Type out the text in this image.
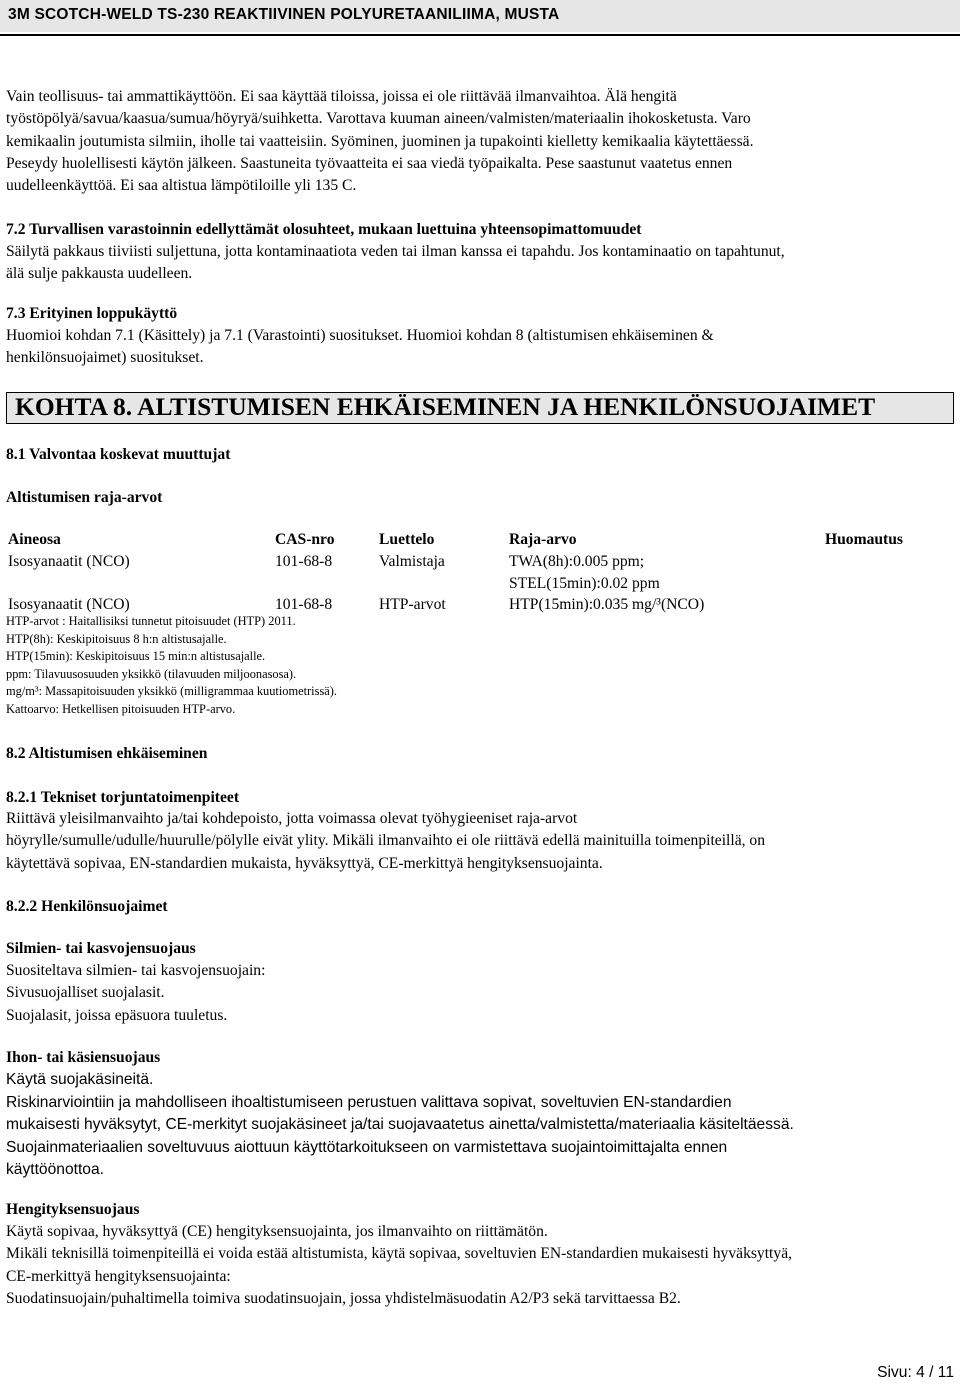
3M SCOTCH-WELD TS-230 REAKTIIVINEN POLYURETAANILIIMA, MUSTA

Vain teollisuus- tai ammattikäyttöön. Ei saa käyttää tiloissa, joissa ei ole riittävää ilmanvaihtoa. Älä hengitä
työstöpölyä/savua/kaasua/sumua/höyryä/suihketta. Varottava kuuman aineen/valmisten/materiaalin ihokosketusta. Varo
kemikaalin joutumista silmiin, iholle tai vaatteisiin. Syöminen, juominen ja tupakointi kielletty kemikaalia käytettäessä.
Peseydy huolellisesti käytön jälkeen. Saastuneita työvaatteita ei saa viedä työpaikalta. Pese saastunut vaatetus ennen
uudelleenkäyttöä. Ei saa altistua lämpötiloille yli 135 C.

7.2 Turvallisen varastoinnin edellyttämät olosuhteet, mukaan luettuina yhteensopimattomuudet

Säilytä pakkaus tiiviisti suljettuna, jotta kontaminaatiota veden tai ilman kanssa ei tapahdu. Jos kontaminaatio on tapahtunut,
älä sulje pakkausta uudelleen.

7.3 Erityinen loppukäyttö

Huomioi kohdan 7.1 (Käsittely) ja 7.1 (Varastointi) suositukset. Huomioi kohdan 8 (altistumisen ehkäiseminen &
henkilönsuojaimet) suositukset.

KOHTA 8. ALTISTUMISEN EHKÄISEMINEN JA HENKILÖNSUOJAIMET

8.1 Valvontaa koskevat muuttujat

Altistumisen raja-arvot

Aineosa	CAS-nro	Luettelo	Raja-arvo	Huomautus
Isosyanaatit (NCO)	101-68-8	Valmistaja	TWA(8h):0.005 ppm;
STEL(15min):0.02 ppm
Isosyanaatit (NCO)	101-68-8	HTP-arvot	HTP(15min):0.035 mg/³(NCO)

HTP-arvot : Haitallisiksi tunnetut pitoisuudet (HTP) 2011.
HTP(8h): Keskipitoisuus 8 h:n altistusajalle.
HTP(15min): Keskipitoisuus 15 min:n altistusajalle.
ppm: Tilavuusosuuden yksikkö (tilavuuden miljoonasosa).
mg/m³: Massapitoisuuden yksikkö (milligrammaa kuutiometrissä).
Kattoarvo: Hetkellisen pitoisuuden HTP-arvo.

8.2 Altistumisen ehkäiseminen

8.2.1 Tekniset torjuntatoimenpiteet

Riittävä yleisilmanvaihto ja/tai kohdepoisto, jotta voimassa olevat työhygieeniset raja-arvot
höyrylle/sumulle/udulle/huurulle/pölylle eivät ylity. Mikäli ilmanvaihto ei ole riittävä edellä mainituilla toimenpiteillä, on
käytettävä sopivaa, EN-standardien mukaista, hyväksyttyä, CE-merkittyä hengityksensuojainta.

8.2.2 Henkilönsuojaimet

Silmien- tai kasvojensuojaus

Suositeltava silmien- tai kasvojensuojain:
Sivusuojalliset suojalasit.
Suojalasit, joissa epäsuora tuuletus.

Ihon- tai käsiensuojaus

Käytä suojakäsineitä.
Riskinarviointiin ja mahdolliseen ihoaltistumiseen perustuen valittava sopivat, soveltuvien EN-standardien
mukaisesti hyväksytyt, CE-merkityt suojakäsineet ja/tai suojavaatetus ainetta/valmistetta/materiaalia käsiteltäessä.
Suojainmateriaalien soveltuvuus aiottuun käyttötarkoitukseen on varmistettava suojaintoimittajalta ennen
käyttöönottoa.

Hengityksensuojaus

Käytä sopivaa, hyväksyttyä (CE) hengityksensuojainta, jos ilmanvaihto on riittämätön.
Mikäli teknisillä toimenpiteillä ei voida estää altistumista, käytä sopivaa, soveltuvien EN-standardien mukaisesti hyväksyttyä,
CE-merkittyä hengityksensuojainta:
Suodatinsuojain/puhaltimella toimiva suodatinsuojain, jossa yhdistelmäsuodatin A2/P3 sekä tarvittaessa B2.

Sivu: 4 / 11
